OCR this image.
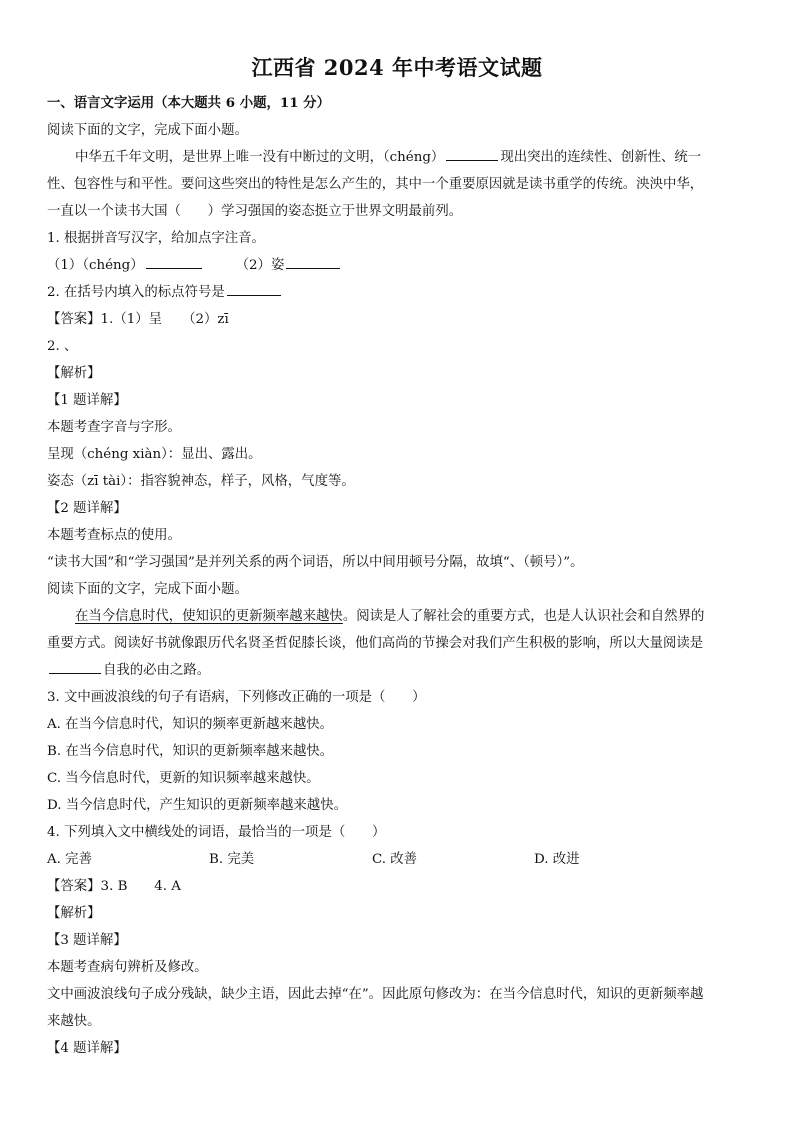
江西省 2024 年中考语文试题
一、语言文字运用（本大题共 6 小题，11 分）
阅读下面的文字，完成下面小题。
中华五千年文明，是世界上唯一没有中断过的文明，（chéng）	现出突出的连续性、创新性、统一
性、包容性与和平性。要问这些突出的特性是怎么产生的，其中一个重要原因就是读书重学的传统。泱泱中华，
一直以一个读书大国（　　）学习强国的姿态挺立于世界文明最前列。
1. 根据拼音写汉字，给加点字注音。
（1）（chéng）	（2）姿
2. 在括号内填入的标点符号是
【答案】1.（1）呈　　（2）zī
2. 、
【解析】
【1 题详解】
本题考查字音与字形。
呈现（chéng xiàn）：显出、露出。
姿态（zī tài）：指容貌神态，样子，风格，气度等。
【2 题详解】
本题考查标点的使用。
“读书大国”和“学习强国”是并列关系的两个词语，所以中间用顿号分隔，故填“、（顿号）”。
阅读下面的文字，完成下面小题。
在当今信息时代，使知识的更新频率越来越快。阅读是人了解社会的重要方式，也是人认识社会和自然界的
重要方式。阅读好书就像跟历代名贤圣哲促膝长谈，他们高尚的节操会对我们产生积极的影响，所以大量阅读是
自我的必由之路。
3. 文中画波浪线的句子有语病，下列修改正确的一项是（　　）
A. 在当今信息时代，知识的频率更新越来越快。
B. 在当今信息时代，知识的更新频率越来越快。
C. 当今信息时代，更新的知识频率越来越快。
D. 当今信息时代，产生知识的更新频率越来越快。
4. 下列填入文中横线处的词语，最恰当的一项是（　　）
A. 完善	B. 完美	C. 改善	D. 改进
【答案】3. B　　4. A
【解析】
【3 题详解】
本题考查病句辨析及修改。
文中画波浪线句子成分残缺，缺少主语，因此去掉“在”。因此原句修改为：在当今信息时代，知识的更新频率越
来越快。
【4 题详解】
